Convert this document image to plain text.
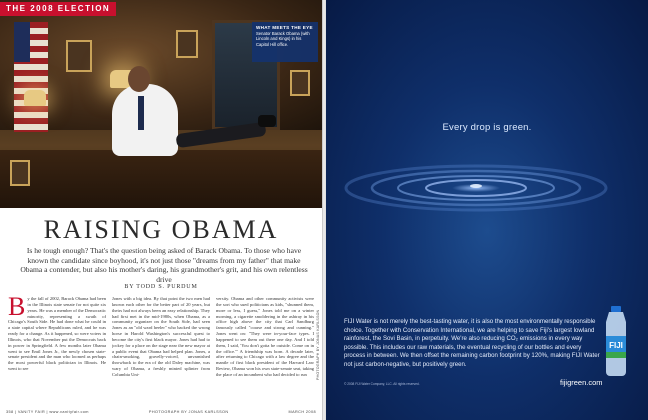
THE 2008 ELECTION
WHAT MEETS THE EYE
Senator Barack Obama (with Lincoln and Kings) in his Capitol Hill office.
RAISING OBAMA
Is he tough enough? That's the question being asked of Barack Obama. To those who have known the candidate since boyhood, it's not just those "dreams from my father" that make Obama a contender, but also his mother's daring, his grandmother's grit, and his own relentless drive
BY TODD S. PURDUM
By the fall of 2002, Barack Obama had been in the Illinois state senate for not quite six years. He was a member of the Democratic minority, representing a swath of Chicago's South Side. He had done what he could in a state capital where Republicans ruled, and he was ready for a change. As it happened, so were voters in Illinois, who that November put the Democrats back in power in Springfield. A few months later Obama went to see Emil Jones Jr., the newly chosen state-senate president and the man who loomed as perhaps the most powerful black politician in Illinois. He went to see
Jones with a big idea. By that point the two men had known each other for the better part of 20 years, but theirs had not always been an easy relationship. They had first met in the mid-1980s, when Obama, as a community organizer on the South Side, had seen Jones as an "old ward heeler" who backed the wrong horse in Harold Washington's successful quest to become the city's first black mayor. Jones had had to jockey for a place on the stage near the new mayor at a public event that Obama had helped plan. Jones, a chain-smoking, gravelly-voiced, unvarnished throwback to the era of the old Daley machine, was wary of Obama, a freshly minted splinter from Columbia Uni-
versity. Obama and other community activists were the sort who sued politicians as kids, "shunned them, more or less, I guess," Jones told me on a winter morning, a cigarette smoldering in the ashtray in his office high above the city that Carl Sandburg famously called "coarse and strong and cunning." Jones went on: "They were in-your-face types. I happened to see them out there one day. And I told them, I said, 'You don't gotta be outside. Come on in the office.'" A friendship was born. A decade later, after returning to Chicago with a law degree and the mantle of first black president of the Harvard Law Review, Obama won his own state-senate seat, taking the place of an incumbent who had decided to run	PHOTOGRAPH BY JONAS KARLSSON
358 | VANITY FAIR | www.vanityfair.com	PHOTOGRAPH BY JONAS KARLSSON	MARCH 2008
Every drop is green.
FIJI Water is not merely the best-tasting water, it is also the most environmentally responsible choice. Together with Conservation International, we are helping to save Fiji's largest lowland rainforest, the Sovi Basin, in perpetuity. We're also reducing CO₂ emissions in every way possible. This includes our raw materials, the eventual recycling of our bottles and every process in between. We then offset the remaining carbon footprint by 120%, making FIJI Water not just carbon-negative, but positively green.
© 2008 FIJI Water Company, LLC. All rights reserved.
FIJI
fijigreen.com
